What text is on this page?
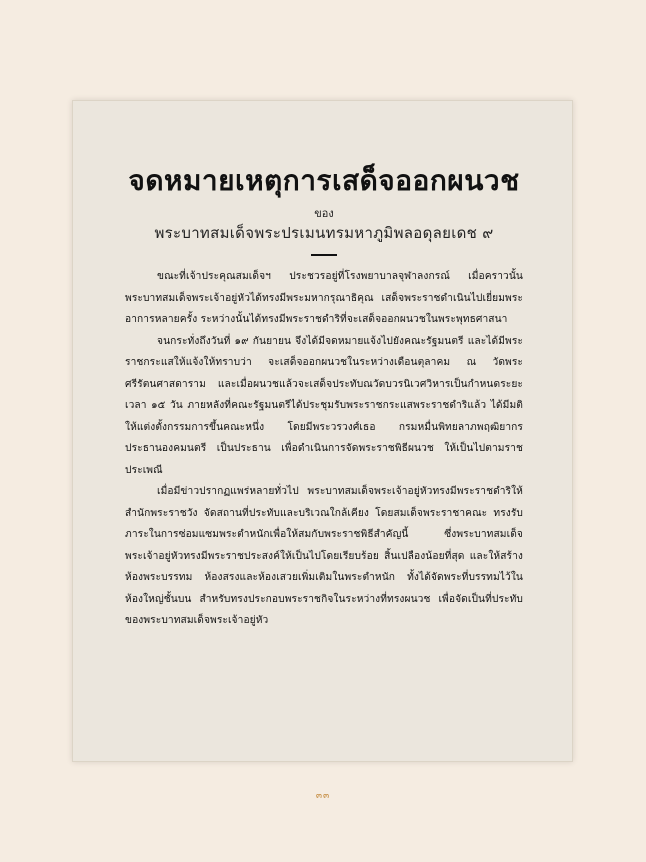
จดหมายเหตุการเสด็จออกผนวช
ของ
พระบาทสมเด็จพระปรเมนทรมหาภูมิพลอดุลยเดช ๙

ขณะที่เจ้าประคุณสมเด็จฯ ประชวรอยู่ที่โรงพยาบาลจุฬาลงกรณ์ เมื่อคราวนั้น พระบาทสมเด็จพระเจ้าอยู่หัวได้ทรงมีพระมหากรุณาธิคุณ เสด็จพระราชดำเนินไปเยี่ยมพระอาการหลายครั้ง ระหว่างนั้นได้ทรงมีพระราชดำริที่จะเสด็จออกผนวชในพระพุทธศาสนา

จนกระทั่งถึงวันที่ ๑๙ กันยายน จึงได้มีจดหมายแจ้งไปยังคณะรัฐมนตรี และได้มีพระราชกระแสให้แจ้งให้ทราบว่า จะเสด็จออกผนวชในระหว่างเดือนตุลาคม ณ วัดพระศรีรัตนศาสดาราม และเมื่อผนวชแล้วจะเสด็จประทับณวัดบวรนิเวศวิหารเป็นกำหนดระยะเวลา ๑๕ วัน ภายหลังที่คณะรัฐมนตรีได้ประชุมรับพระราชกระแสพระราชดำริแล้ว ได้มีมติให้แต่งตั้งกรรมการขึ้นคณะหนึ่ง โดยมีพระวรวงศ์เธอ กรมหมื่นพิทยลาภพฤฒิยากร ประธานองคมนตรี เป็นประธาน เพื่อดำเนินการจัดพระราชพิธีผนวช ให้เป็นไปตามราชประเพณี

เมื่อมีข่าวปรากฏแพร่หลายทั่วไป พระบาทสมเด็จพระเจ้าอยู่หัวทรงมีพระราชดำริให้สำนักพระราชวัง จัดสถานที่ประทับและบริเวณใกล้เคียง โดยสมเด็จพระราชาคณะ ทรงรับภาระในการซ่อมแซมพระตำหนักเพื่อให้สมกับพระราชพิธีสำคัญนี้ ซึ่งพระบาทสมเด็จพระเจ้าอยู่หัวทรงมีพระราชประสงค์ให้เป็นไปโดยเรียบร้อย สิ้นเปลืองน้อยที่สุด และให้สร้างห้องพระบรรทม ห้องสรงและห้องเสวยเพิ่มเติมในพระตำหนัก ทั้งได้จัดพระที่บรรทมไว้ในห้องใหญ่ชั้นบน สำหรับทรงประกอบพระราชกิจในระหว่างที่ทรงผนวช เพื่อจัดเป็นที่ประทับของพระบาทสมเด็จพระเจ้าอยู่หัว

๓๓
